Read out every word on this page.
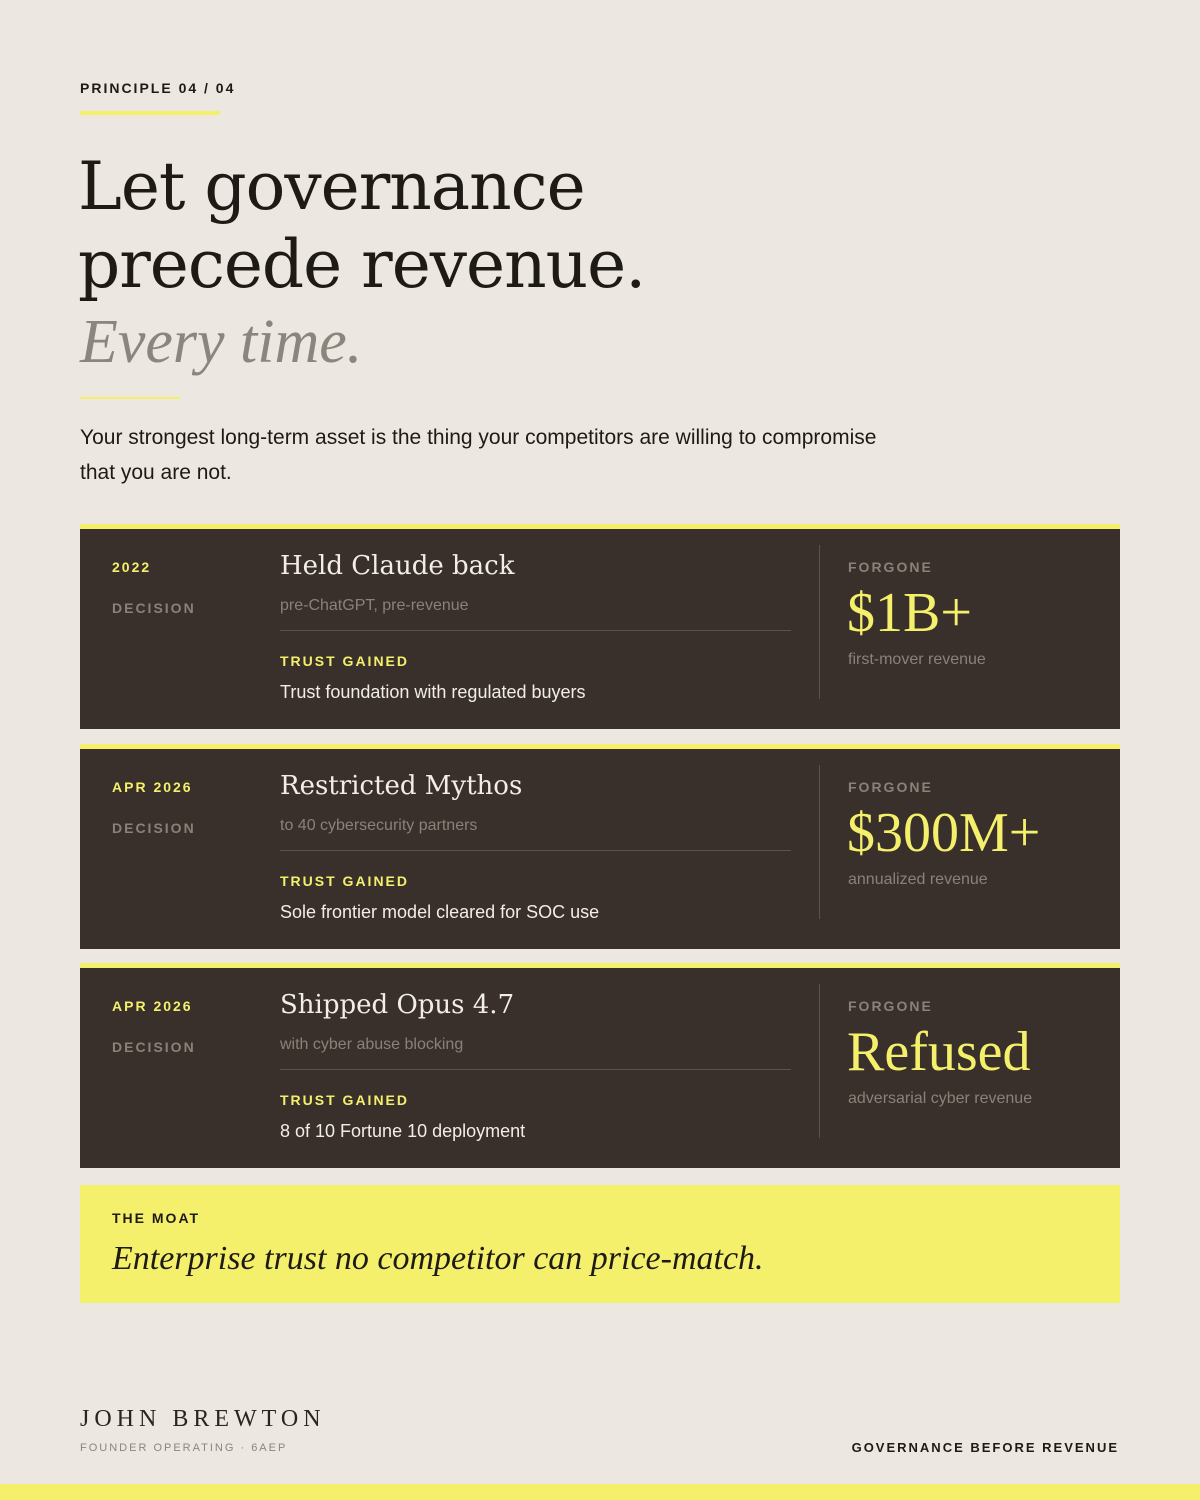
PRINCIPLE 04 / 04
Let governance
precede revenue.
Every time.
Your strongest long-term asset is the thing your competitors are willing to compromise that you are not.
2022
DECISION
Held Claude back
pre-ChatGPT, pre-revenue
TRUST GAINED
Trust foundation with regulated buyers
FORGONE
$1B+
first-mover revenue
APR 2026
DECISION
Restricted Mythos
to 40 cybersecurity partners
TRUST GAINED
Sole frontier model cleared for SOC use
FORGONE
$300M+
annualized revenue
APR 2026
DECISION
Shipped Opus 4.7
with cyber abuse blocking
TRUST GAINED
8 of 10 Fortune 10 deployment
FORGONE
Refused
adversarial cyber revenue
THE MOAT
Enterprise trust no competitor can price-match.
JOHN BREWTON
FOUNDER OPERATING · 6AEP	GOVERNANCE BEFORE REVENUE
